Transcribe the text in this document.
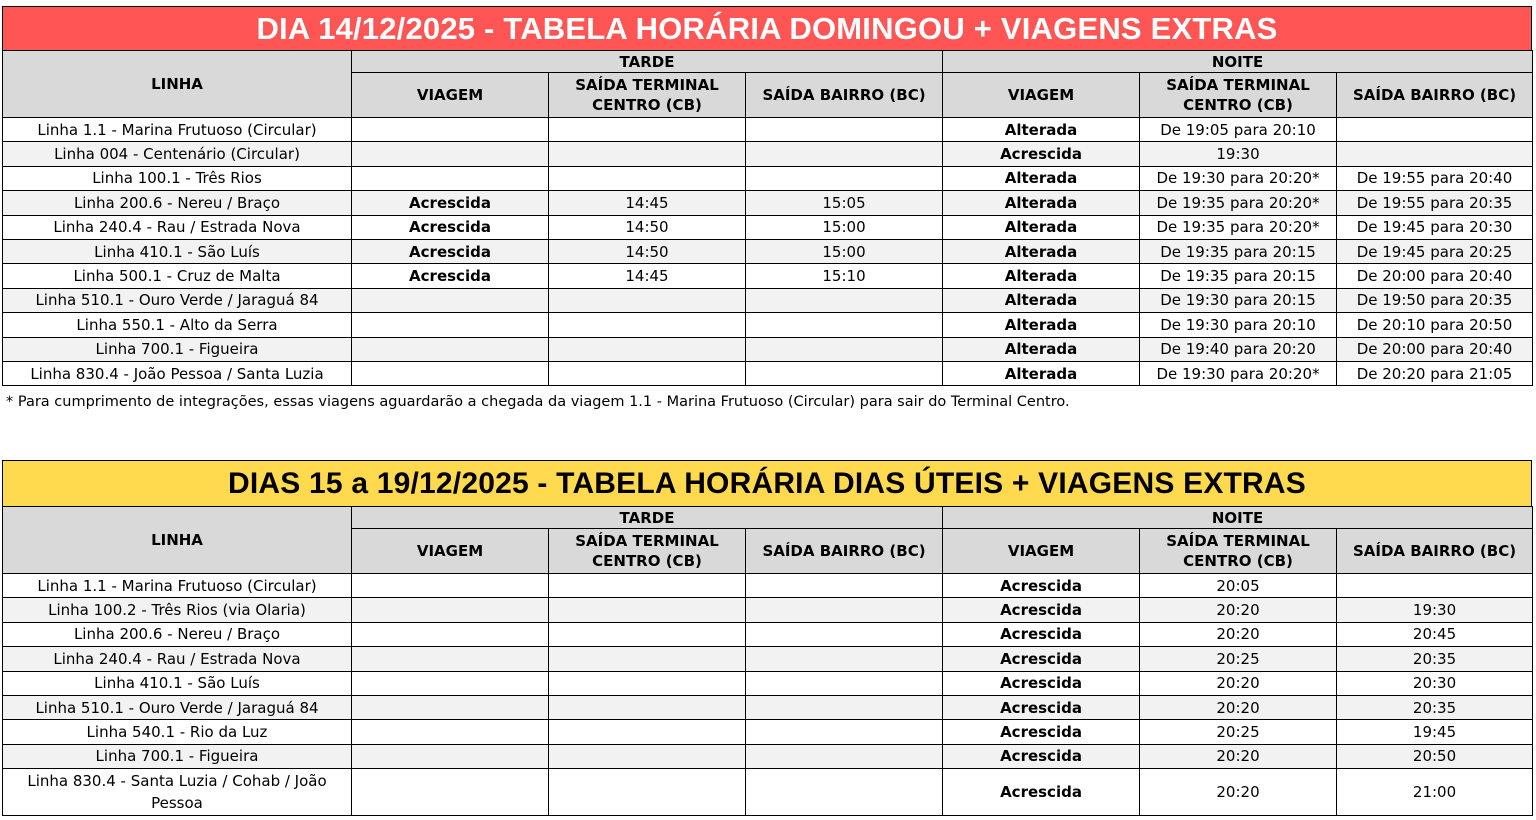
DIA 14/12/2025 - TABELA HORÁRIA DOMINGOU + VIAGENS EXTRAS
LINHA	TARDE			NOITE		
	VIAGEM	SAÍDA TERMINAL CENTRO (CB)	SAÍDA BAIRRO (BC)	VIAGEM	SAÍDA TERMINAL CENTRO (CB)	SAÍDA BAIRRO (BC)
Linha 1.1 - Marina Frutuoso (Circular)				Alterada	De 19:05 para 20:10	
Linha 004 - Centenário (Circular)				Acrescida	19:30	
Linha 100.1 - Três Rios				Alterada	De 19:30 para 20:20*	De 19:55 para 20:40
Linha 200.6 - Nereu / Braço	Acrescida	14:45	15:05	Alterada	De 19:35 para 20:20*	De 19:55 para 20:35
Linha 240.4 - Rau / Estrada Nova	Acrescida	14:50	15:00	Alterada	De 19:35 para 20:20*	De 19:45 para 20:30
Linha 410.1 - São Luís	Acrescida	14:50	15:00	Alterada	De 19:35 para 20:15	De 19:45 para 20:25
Linha 500.1 - Cruz de Malta	Acrescida	14:45	15:10	Alterada	De 19:35 para 20:15	De 20:00 para 20:40
Linha 510.1 - Ouro Verde / Jaraguá 84				Alterada	De 19:30 para 20:15	De 19:50 para 20:35
Linha 550.1 - Alto da Serra				Alterada	De 19:30 para 20:10	De 20:10 para 20:50
Linha 700.1 - Figueira				Alterada	De 19:40 para 20:20	De 20:00 para 20:40
Linha 830.4 - João Pessoa / Santa Luzia				Alterada	De 19:30 para 20:20*	De 20:20 para 21:05
* Para cumprimento de integrações, essas viagens aguardarão a chegada da viagem 1.1 - Marina Frutuoso (Circular) para sair do Terminal Centro.
DIAS 15 a 19/12/2025 - TABELA HORÁRIA DIAS ÚTEIS + VIAGENS EXTRAS
LINHA	TARDE			NOITE		
	VIAGEM	SAÍDA TERMINAL CENTRO (CB)	SAÍDA BAIRRO (BC)	VIAGEM	SAÍDA TERMINAL CENTRO (CB)	SAÍDA BAIRRO (BC)
Linha 1.1 - Marina Frutuoso (Circular)				Acrescida	20:05	
Linha 100.2 - Três Rios (via Olaria)				Acrescida	20:20	19:30
Linha 200.6 - Nereu / Braço				Acrescida	20:20	20:45
Linha 240.4 - Rau / Estrada Nova				Acrescida	20:25	20:35
Linha 410.1 - São Luís				Acrescida	20:20	20:30
Linha 510.1 - Ouro Verde / Jaraguá 84				Acrescida	20:20	20:35
Linha 540.1 - Rio da Luz				Acrescida	20:25	19:45
Linha 700.1 - Figueira				Acrescida	20:20	20:50
Linha 830.4 - Santa Luzia / Cohab / João Pessoa				Acrescida	20:20	21:00
